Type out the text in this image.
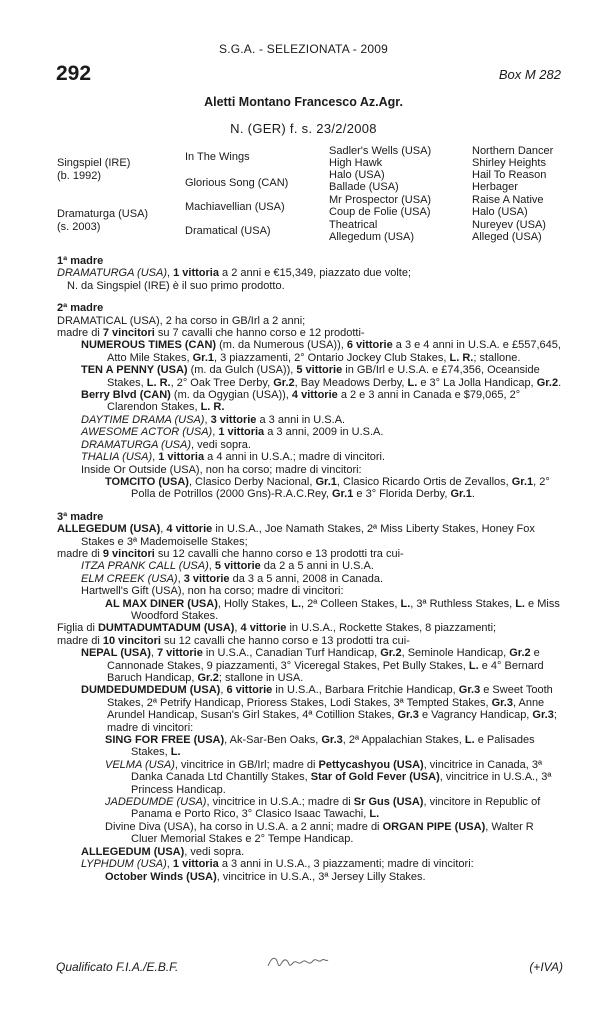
S.G.A. - SELEZIONATA - 2009
292	Box M 282
Aletti Montano Francesco Az.Agr.
N. (GER) f. s. 23/2/2008
Singspiel (IRE)
(b. 1992)
Dramaturga (USA)
(s. 2003)
In The Wings
Glorious Song (CAN)
Machiavellian (USA)
Dramatical (USA)
Sadler's Wells (USA)
High Hawk
Halo (USA)
Ballade (USA)
Mr Prospector (USA)
Coup de Folie (USA)
Theatrical
Allegedum (USA)
Northern Dancer
Shirley Heights
Hail To Reason
Herbager
Raise A Native
Halo (USA)
Nureyev (USA)
Alleged (USA)

1ª madre

DRAMATURGA (USA), 1 vittoria a 2 anni e €15,349, piazzato due volte;

N. da Singspiel (IRE) è il suo primo prodotto.

2ª madre

DRAMATICAL (USA), 2 ha corso in GB/Irl a 2 anni;

madre di 7 vincitori su 7 cavalli che hanno corso e 12 prodotti-

NUMEROUS TIMES (CAN) (m. da Numerous (USA)), 6 vittorie a 3 e 4 anni in U.S.A. e £557,645, Atto Mile Stakes, Gr.1, 3 piazzamenti, 2° Ontario Jockey Club Stakes, L. R.; stallone.

TEN A PENNY (USA) (m. da Gulch (USA)), 5 vittorie in GB/Irl e U.S.A. e £74,356, Oceanside Stakes, L. R., 2° Oak Tree Derby, Gr.2, Bay Meadows Derby, L. e 3° La Jolla Handicap, Gr.2.

Berry Blvd (CAN) (m. da Ogygian (USA)), 4 vittorie a 2 e 3 anni in Canada e $79,065, 2° Clarendon Stakes, L. R.

DAYTIME DRAMA (USA), 3 vittorie a 3 anni in U.S.A.

AWESOME ACTOR (USA), 1 vittoria a 3 anni, 2009 in U.S.A.

DRAMATURGA (USA), vedi sopra.

THALIA (USA), 1 vittoria a 4 anni in U.S.A.; madre di vincitori.

Inside Or Outside (USA), non ha corso; madre di vincitori:

TOMCITO (USA), Clasico Derby Nacional, Gr.1, Clasico Ricardo Ortis de Zevallos, Gr.1, 2° Polla de Potrillos (2000 Gns)-R.A.C.Rey, Gr.1 e 3° Florida Derby, Gr.1.

3ª madre

ALLEGEDUM (USA), 4 vittorie in U.S.A., Joe Namath Stakes, 2ª Miss Liberty Stakes, Honey Fox Stakes e 3ª Mademoiselle Stakes;

madre di 9 vincitori su 12 cavalli che hanno corso e 13 prodotti tra cui-

ITZA PRANK CALL (USA), 5 vittorie da 2 a 5 anni in U.S.A.

ELM CREEK (USA), 3 vittorie da 3 a 5 anni, 2008 in Canada.

Hartwell's Gift (USA), non ha corso; madre di vincitori:

AL MAX DINER (USA), Holly Stakes, L., 2ª Colleen Stakes, L., 3ª Ruthless Stakes, L. e Miss Woodford Stakes.

Figlia di DUMTADUMTADUM (USA), 4 vittorie in U.S.A., Rockette Stakes, 8 piazzamenti;

madre di 10 vincitori su 12 cavalli che hanno corso e 13 prodotti tra cui-

NEPAL (USA), 7 vittorie in U.S.A., Canadian Turf Handicap, Gr.2, Seminole Handicap, Gr.2 e Cannonade Stakes, 9 piazzamenti, 3° Viceregal Stakes, Pet Bully Stakes, L. e 4° Bernard Baruch Handicap, Gr.2; stallone in USA.

DUMDEDUMDEDUM (USA), 6 vittorie in U.S.A., Barbara Fritchie Handicap, Gr.3 e Sweet Tooth Stakes, 2ª Petrify Handicap, Prioress Stakes, Lodi Stakes, 3ª Tempted Stakes, Gr.3, Anne Arundel Handicap, Susan's Girl Stakes, 4ª Cotillion Stakes, Gr.3 e Vagrancy Handicap, Gr.3; madre di vincitori:

SING FOR FREE (USA), Ak-Sar-Ben Oaks, Gr.3, 2ª Appalachian Stakes, L. e Palisades Stakes, L.

VELMA (USA), vincitrice in GB/Irl; madre di Pettycashyou (USA), vincitrice in Canada, 3ª Danka Canada Ltd Chantilly Stakes, Star of Gold Fever (USA), vincitrice in U.S.A., 3ª Princess Handicap.

JADEDUMDE (USA), vincitrice in U.S.A.; madre di Sr Gus (USA), vincitore in Republic of Panama e Porto Rico, 3° Clasico Isaac Tawachi, L.

Divine Diva (USA), ha corso in U.S.A. a 2 anni; madre di ORGAN PIPE (USA), Walter R Cluer Memorial Stakes e 2° Tempe Handicap.

ALLEGEDUM (USA), vedi sopra.

LYPHDUM (USA), 1 vittoria a 3 anni in U.S.A., 3 piazzamenti; madre di vincitori:

October Winds (USA), vincitrice in U.S.A., 3ª Jersey Lilly Stakes.

Qualificato F.I.A./E.B.F.	(+IVA)
